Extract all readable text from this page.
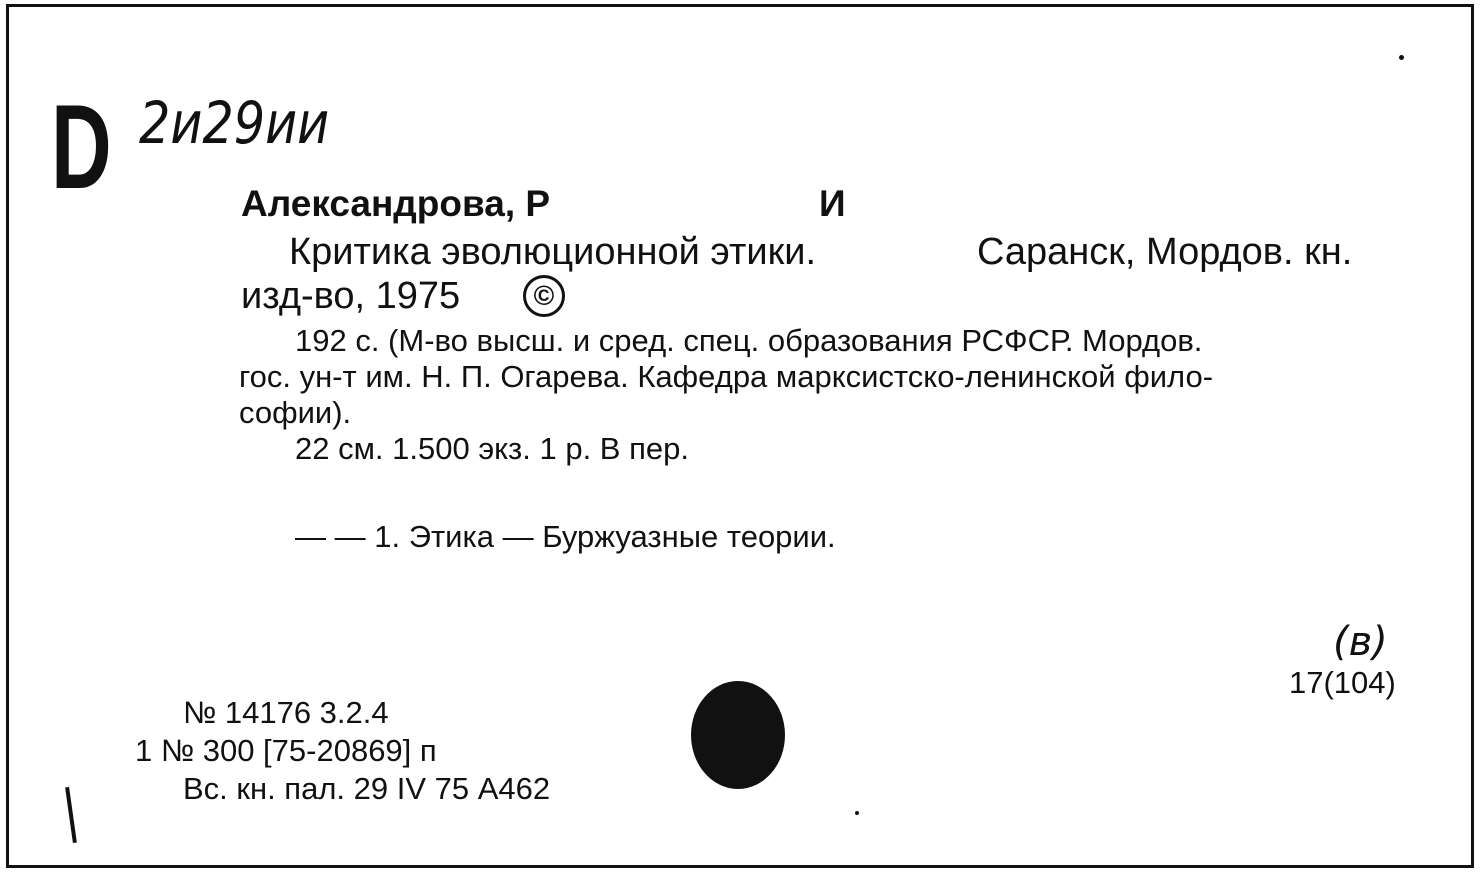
D 2и29ии
Александрова, Р	И
Критика эволюционной этики.	Саранск, Мордов. кн.
изд-во, 1975	©
192 с. (М-во высш. и сред. спец. образования РСФСР. Мордов.
гос. ун-т им. Н. П. Огарева. Кафедра марксистско-ленинской фило-
софии).
22 см. 1.500 экз. 1 р. В пер.
— — 1. Этика — Буржуазные теории.
(в)
17(104)
№ 14176 3.2.4
1 № 300 [75-20869] п
Вс. кн. пал. 29 IV 75 А462
